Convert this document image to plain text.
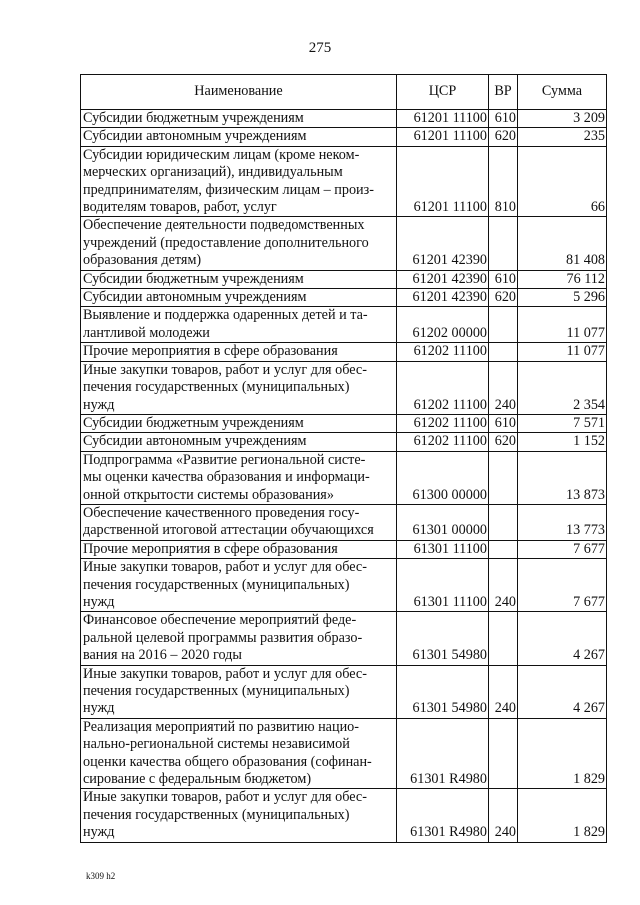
275
Наименование	ЦСР	ВР	Сумма
Субсидии бюджетным учреждениям	61201 11100	610	3 209
Субсидии автономным учреждениям	61201 11100	620	235
Субсидии юридическим лицам (кроме неком-
мерческих организаций), индивидуальным
предпринимателям, физическим лицам – произ-
водителям товаров, работ, услуг	61201 11100	810	66
Обеспечение деятельности подведомственных
учреждений (предоставление дополнительного
образования детям)	61201 42390		81 408
Субсидии бюджетным учреждениям	61201 42390	610	76 112
Субсидии автономным учреждениям	61201 42390	620	5 296
Выявление и поддержка одаренных детей и та-
лантливой молодежи	61202 00000		11 077
Прочие мероприятия в сфере образования	61202 11100		11 077
Иные закупки товаров, работ и услуг для обес-
печения государственных (муниципальных)
нужд	61202 11100	240	2 354
Субсидии бюджетным учреждениям	61202 11100	610	7 571
Субсидии автономным учреждениям	61202 11100	620	1 152
Подпрограмма «Развитие региональной систе-
мы оценки качества образования и информаци-
онной открытости системы образования»	61300 00000		13 873
Обеспечение качественного проведения госу-
дарственной итоговой аттестации обучающихся	61301 00000		13 773
Прочие мероприятия в сфере образования	61301 11100		7 677
Иные закупки товаров, работ и услуг для обес-
печения государственных (муниципальных)
нужд	61301 11100	240	7 677
Финансовое обеспечение мероприятий феде-
ральной целевой программы развития образо-
вания на 2016 – 2020 годы	61301 54980		4 267
Иные закупки товаров, работ и услуг для обес-
печения государственных (муниципальных)
нужд	61301 54980	240	4 267
Реализация мероприятий по развитию нацио-
нально-региональной системы независимой
оценки качества общего образования (софинан-
сирование с федеральным бюджетом)	61301 R4980		1 829
Иные закупки товаров, работ и услуг для обес-
печения государственных (муниципальных)
нужд	61301 R4980	240	1 829
k309 h2
